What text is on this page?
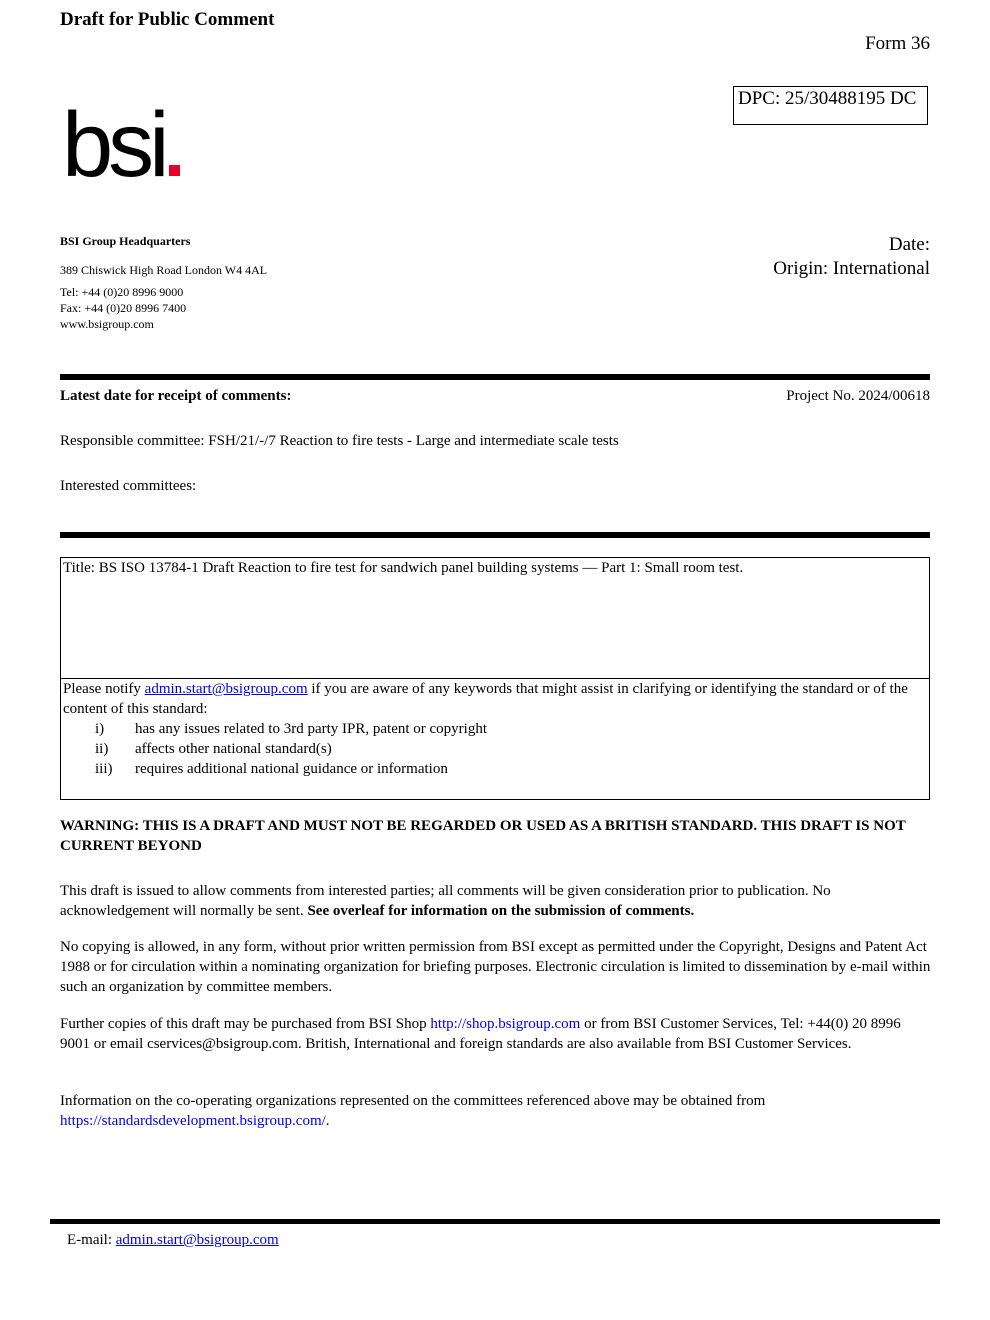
Draft for Public Comment
Form 36
DPC: 25/30488195 DC
bsi
BSI Group Headquarters
389 Chiswick High Road London W4 4AL
Tel: +44 (0)20 8996 9000
Fax: +44 (0)20 8996 7400
www.bsigroup.com
Date:
Origin: International
Latest date for receipt of comments:	Project No. 2024/00618
Responsible committee: FSH/21/-/7 Reaction to fire tests - Large and intermediate scale tests
Interested committees:
Title: BS ISO 13784-1 Draft Reaction to fire test for sandwich panel building systems — Part 1: Small room test.
Please notify admin.start@bsigroup.com if you are aware of any keywords that might assist in clarifying or identifying the standard or of the content of this standard:
i)	has any issues related to 3rd party IPR, patent or copyright
ii)	affects other national standard(s)
iii)	requires additional national guidance or information
WARNING: THIS IS A DRAFT AND MUST NOT BE REGARDED OR USED AS A BRITISH STANDARD. THIS DRAFT IS NOT CURRENT BEYOND
This draft is issued to allow comments from interested parties; all comments will be given consideration prior to publication. No acknowledgement will normally be sent. See overleaf for information on the submission of comments.
No copying is allowed, in any form, without prior written permission from BSI except as permitted under the Copyright, Designs and Patent Act 1988 or for circulation within a nominating organization for briefing purposes. Electronic circulation is limited to dissemination by e-mail within such an organization by committee members.
Further copies of this draft may be purchased from BSI Shop http://shop.bsigroup.com or from BSI Customer Services, Tel: +44(0) 20 8996 9001 or email cservices@bsigroup.com. British, International and foreign standards are also available from BSI Customer Services.
Information on the co-operating organizations represented on the committees referenced above may be obtained from https://standardsdevelopment.bsigroup.com/.
E-mail: admin.start@bsigroup.com
